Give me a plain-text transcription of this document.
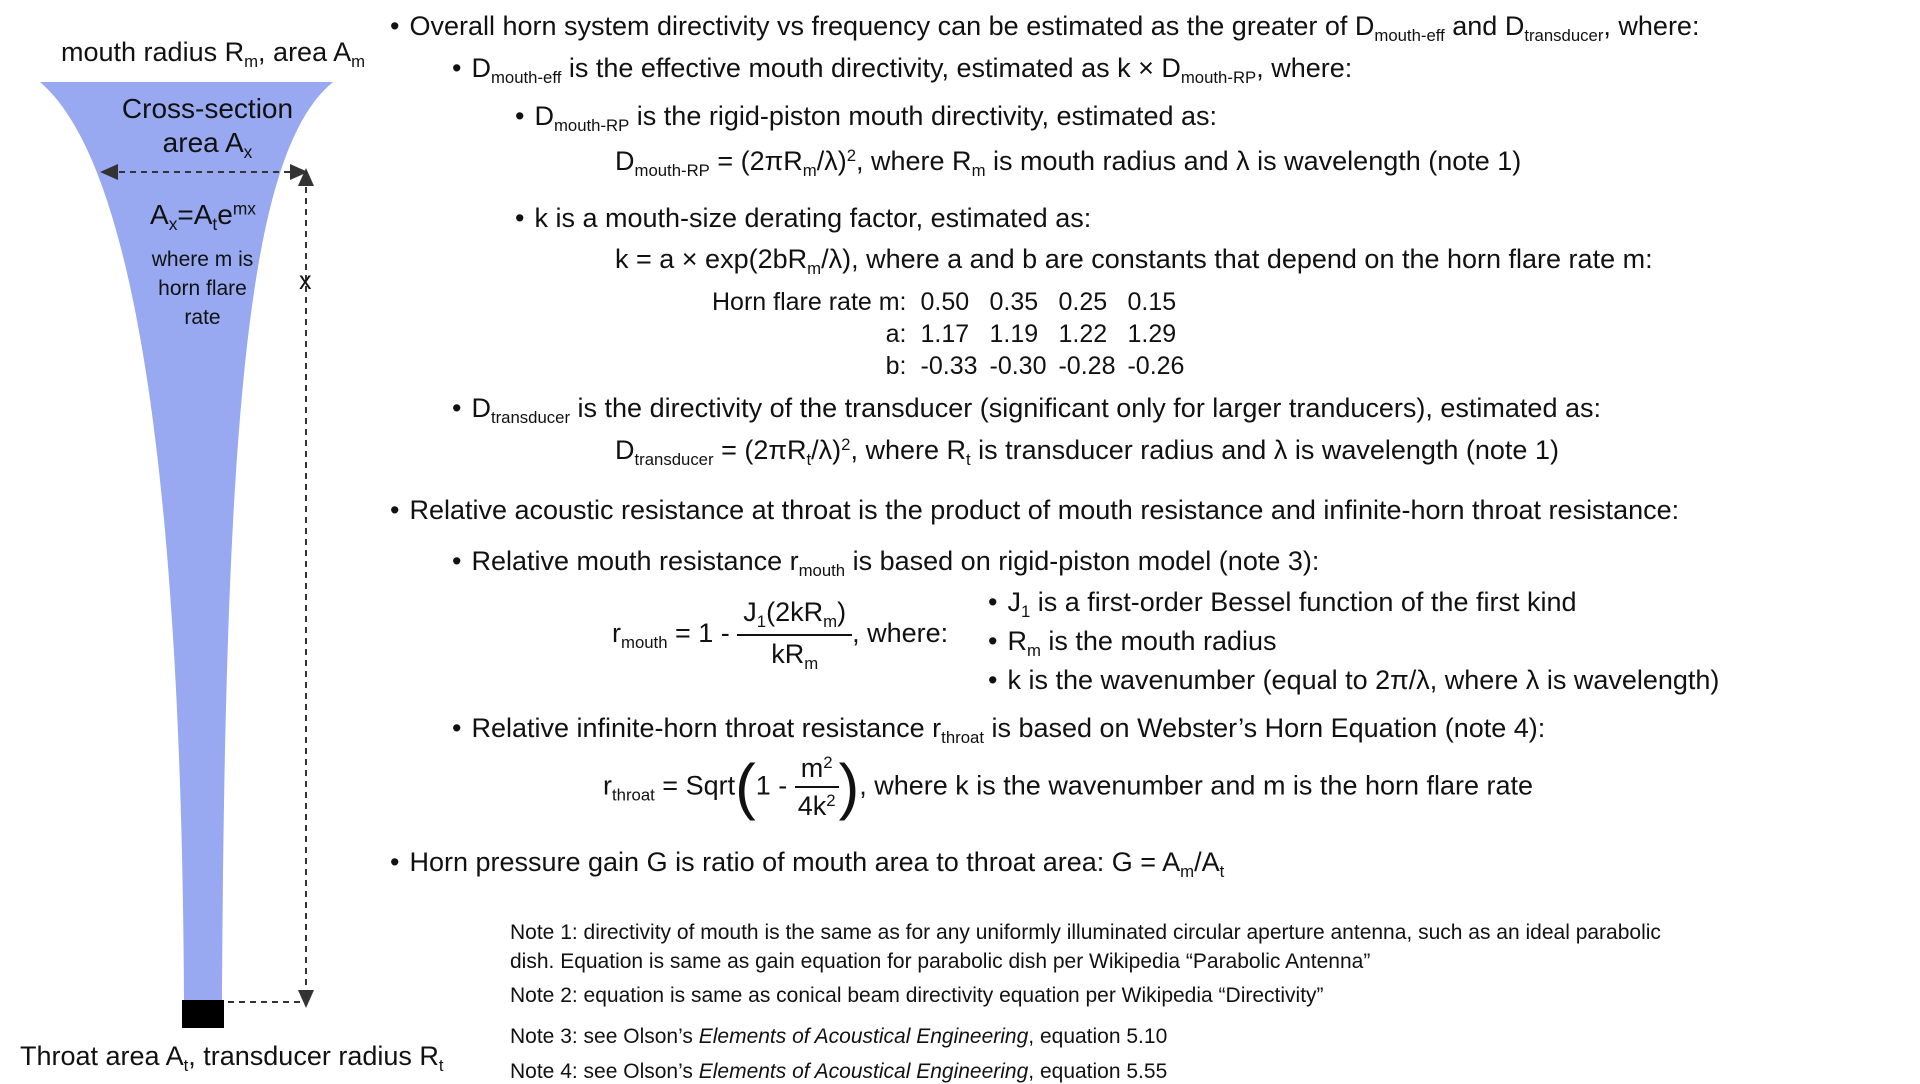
mouth radius $R_m$, area $A_m$
Cross-section
area $A_x$
$A_x=A_te^{mx}$
where m is
horn flare
rate
x
Throat area $A_t$, transducer radius $R_t$
• Overall horn system directivity vs frequency can be estimated as the greater of $D_{mouth-eff}$ and $D_{transducer}$, where:
• $D_{mouth-eff}$ is the effective mouth directivity, estimated as $k \times D_{mouth-RP}$, where:
• $D_{mouth-RP}$ is the rigid-piston mouth directivity, estimated as:
$D_{mouth-RP} = (2\pi R_m/\lambda)^2$, where $R_m$ is mouth radius and λ is wavelength (note 1)
• k is a mouth-size derating factor, estimated as:
$k = a \times \exp(2bR_m/\lambda)$, where a and b are constants that depend on the horn flare rate m:
Horn flare rate m:	0.50	0.35	0.25	0.15
a:	1.17	1.19	1.22	1.29
b:	-0.33	-0.30	-0.28	-0.26
• $D_{transducer}$ is the directivity of the transducer (significant only for larger tranducers), estimated as:
$D_{transducer} = (2\pi R_t/\lambda)^2$, where $R_t$ is transducer radius and λ is wavelength (note 1)
• Relative acoustic resistance at throat is the product of mouth resistance and infinite-horn throat resistance:
• Relative mouth resistance $r_{mouth}$ is based on rigid-piston model (note 3):
$r_{mouth} = 1 - \frac{J_1(2kR_m)}{kR_m}$ , where:
• $J_1$ is a first-order Bessel function of the first kind
• $R_m$ is the mouth radius
• k is the wavenumber (equal to 2π/λ, where λ is wavelength)
• Relative infinite-horn throat resistance $r_{throat}$ is based on Webster’s Horn Equation (note 4):
$r_{throat}$ = Sqrt(1 - $\frac{m^2}{4k^2}$ ), where k is the wavenumber and m is the horn flare rate
• Horn pressure gain G is ratio of mouth area to throat area: $G = A_m/A_t$
Note 1: directivity of mouth is the same as for any uniformly illuminated circular aperture antenna, such as an ideal parabolic
dish. Equation is same as gain equation for parabolic dish per Wikipedia “Parabolic Antenna”
Note 2: equation is same as conical beam directivity equation per Wikipedia “Directivity”
Note 3: see Olson’s Elements of Acoustical Engineering, equation 5.10
Note 4: see Olson’s Elements of Acoustical Engineering, equation 5.55
